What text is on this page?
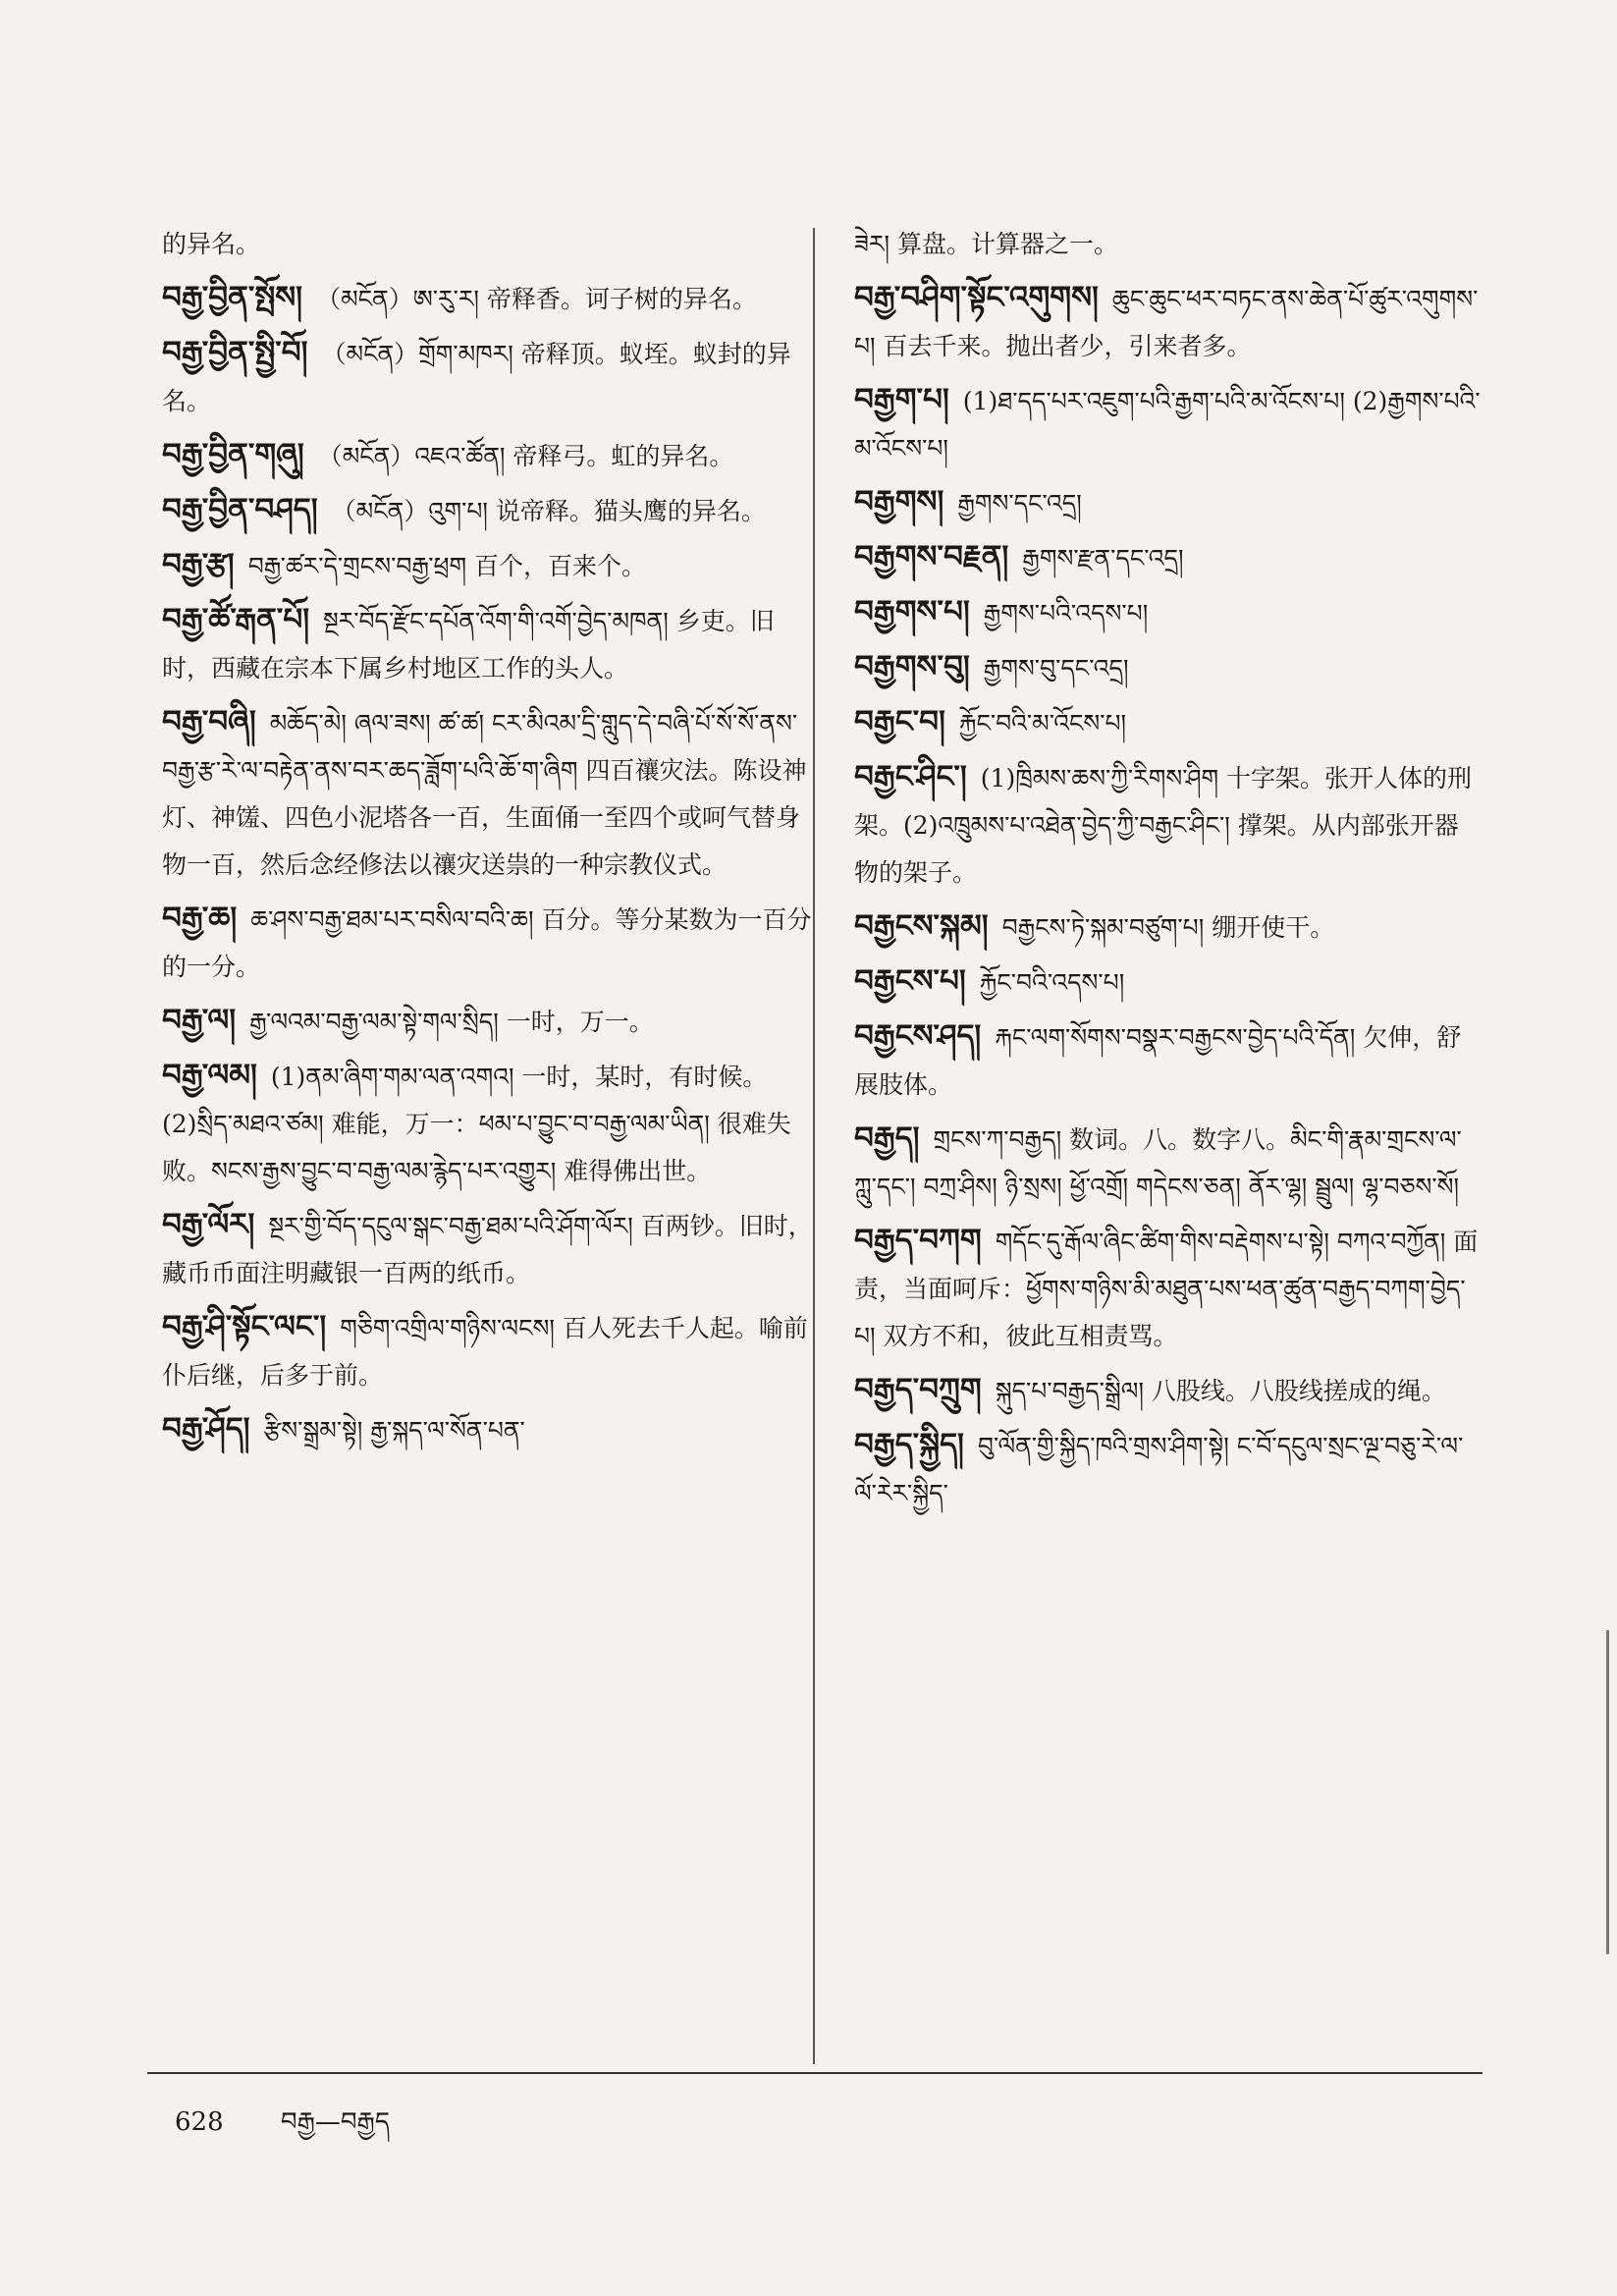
的异名。
བརྒྱ་བྱིན་སྤོས། （མངོན）ཨ་རུ་ར། 帝释香。诃子树的异名。
བརྒྱ་བྱིན་སྤྱི་བོ། （མངོན）གྲོག་མཁར། 帝释顶。蚁垤。蚁封的异名。
བརྒྱ་བྱིན་གཞུ། （མངོན）འཇའ་ཚོན། 帝释弓。虹的异名。
བརྒྱ་བྱིན་བཤད། （མངོན）འུག་པ། 说帝释。猫头鹰的异名。
བརྒྱ་རྩ། བརྒྱ་ཚར་དེ་གྲངས་བརྒྱ་ཕྲག 百个，百来个。
བརྒྱ་ཚོ་རྒན་པོ། སྔར་བོད་རྫོང་དཔོན་འོག་གི་འགོ་བྱེད་མཁན། 乡吏。旧时，西藏在宗本下属乡村地区工作的头人。
བརྒྱ་བཞི། མཆོད་མེ། ཞལ་ཟས། ཚ་ཚ། ངར་མིའམ་དྲི་གླུད་དེ་བཞི་པོ་སོ་སོ་ནས་བརྒྱ་རྩ་རེ་ལ་བརྟེན་ནས་བར་ཆད་ཟློག་པའི་ཆོ་ག་ཞིག 四百禳灾法。陈设神灯、神馐、四色小泥塔各一百，生面俑一至四个或呵气替身物一百，然后念经修法以禳灾送祟的一种宗教仪式。
བརྒྱ་ཆ། ཆ་ཤས་བརྒྱ་ཐམ་པར་བསིལ་བའི་ཆ། 百分。等分某数为一百分的一分。
བརྒྱ་ལ། རྒྱ་ལའམ་བརྒྱ་ལམ་སྟེ་གལ་སྲིད། 一时，万一。
བརྒྱ་ལམ། (1)ནམ་ཞིག་གམ་ལན་འགའ། 一时，某时，有时候。(2)སྲིད་མཐའ་ཙམ། 难能，万一：ཕམ་པ་བྱུང་བ་བརྒྱ་ལམ་ཡིན། 很难失败。སངས་རྒྱས་བྱུང་བ་བརྒྱ་ལམ་རྙེད་པར་འགྱུར། 难得佛出世。
བརྒྱ་ལོར། སྔར་གྱི་བོད་དངུལ་སྒང་བརྒྱ་ཐམ་པའི་ཤོག་ལོར། 百两钞。旧时，藏币币面注明藏银一百两的纸币。
བརྒྱ་ཤི་སྟོང་ལང་། གཅིག་འགྲིལ་གཉིས་ལངས། 百人死去千人起。喻前仆后继，后多于前。
བརྒྱ་ཤོད། རྩིས་སྒྲམ་སྟེ། རྒྱ་སྐད་ལ་སོན་པན་
ཟེར། 算盘。计算器之一。
བརྒྱ་བཤིག་སྟོང་འགུགས། ཆུང་ཆུང་ཕར་བཏང་ནས་ཆེན་པོ་ཚུར་འགུགས་པ། 百去千来。抛出者少，引来者多。
བརྒྱག་པ། (1)ཐ་དད་པར་འཇུག་པའི་རྒྱག་པའི་མ་འོངས་པ། (2)རྒྱགས་པའི་མ་འོངས་པ།
བརྒྱགས། རྒྱགས་དང་འདྲ།
བརྒྱགས་བརྗན། རྒྱགས་རྫན་དང་འདྲ།
བརྒྱགས་པ། རྒྱགས་པའི་འདས་པ།
བརྒྱགས་བུ། རྒྱགས་བུ་དང་འདྲ།
བརྒྱང་བ། རྐྱོང་བའི་མ་འོངས་པ།
བརྒྱང་ཤིང་། (1)ཁྲིམས་ཆས་ཀྱི་རིགས་ཤིག 十字架。张开人体的刑架。(2)འཁྲུམས་པ་འཐེན་བྱེད་ཀྱི་བརྒྱང་ཤིང་། 撑架。从内部张开器物的架子。
བརྒྱངས་སྐམ། བརྒྱངས་ཏེ་སྐམ་བཙུག་པ། 绷开使干。
བརྒྱངས་པ། རྐྱོང་བའི་འདས་པ།
བརྒྱངས་ཤད། རྐང་ལག་སོགས་བསྣར་བརྒྱངས་བྱེད་པའི་དོན། 欠伸，舒展肢体。
བརྒྱད། གྲངས་ཀ་བརྒྱད། 数词。八。数字八。མིང་གི་རྣམ་གྲངས་ལ་ཀླུ་དང་། བཀྲ་ཤིས། ཉི་སྲས། ཕྱོ་འགྲོ། གདེངས་ཅན། ནོར་ལྷ། སྦྲུལ། ལྷ་བཅས་སོ།
བརྒྱད་བཀག གདོང་དུ་རྒོལ་ཞིང་ཚིག་གིས་བརྡེགས་པ་སྟེ། བཀའ་བཀྱོན། 面责，当面呵斥：ཕྱོགས་གཉིས་མི་མཐུན་པས་ཕན་ཚུན་བརྒྱད་བཀག་བྱེད་པ། 双方不和，彼此互相责骂。
བརྒྱད་བཀྲུག སྐུད་པ་བརྒྱད་སྒྲིལ། 八股线。八股线搓成的绳。
བརྒྱད་སྐྱིད། བུ་ལོན་གྱི་སྐྱིད་ཁའི་གྲས་ཤིག་སྟེ། ང་བོ་དངུལ་སྲང་ལྔ་བཅུ་རེ་ལ་ལོ་རེར་སྐྱིད་
628 བརྒྱ—བརྒྱད
